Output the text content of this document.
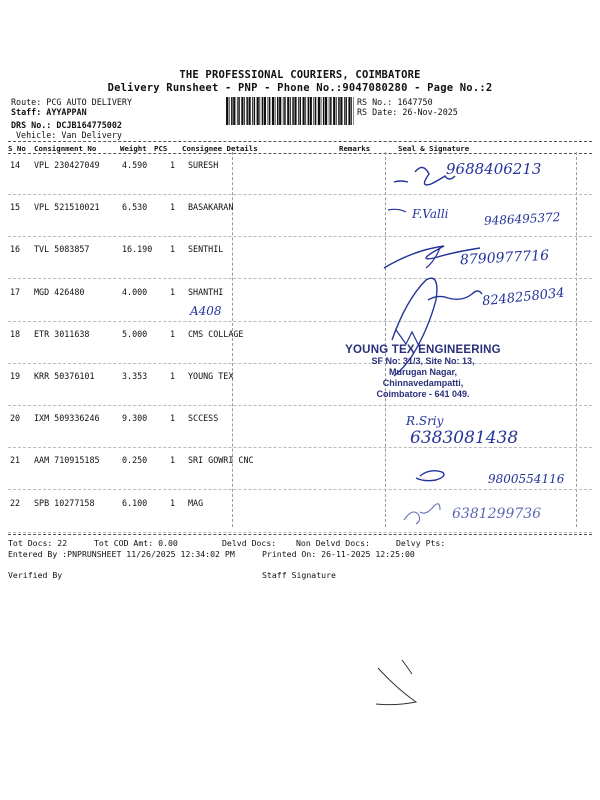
THE PROFESSIONAL COURIERS, COIMBATORE
Delivery Runsheet - PNP - Phone No.:9047080280 - Page No.:2
Route: PCG AUTO DELIVERY
Staff: AYYAPPAN
DRS No.: DCJB164775002
Vehicle: Van Delivery
RS No.: 1647750
RS Date: 26-Nov-2025
S No Consignment No	Weight PCS Consignee Details	Remarks	Seal & Signature
14 VPL 230427049	4.590	1 SURESH
15 VPL 521510021	6.530	1 BASAKARAN
16 TVL 5083857	16.190 1 SENTHIL
17 MGD 426480	4.000	1 SHANTHI
18 ETR 3011638	5.000	1 CMS COLLAGE
19 KRR 50376101	3.353	1 YOUNG TEX
20 IXM 509336246	9.300	1 SCCESS
21 AAM 710915185	0.250	1 SRI GOWRI CNC
22 SPB 10277158	6.100	1 MAG
9688406213
F.Valli	9486495372
8790977716
8248258034
A408
R.Sriy
6383081438
9800554116
6381299736
YOUNG TEX ENGINEERING
SF No: 31/3, Site No: 13,
Murugan Nagar,
Chinnavedampatti,
Coimbatore - 641 049.
Tot Docs: 22	Tot COD Amt: 0.00	Delvd Docs: Non Delvd Docs:	Delvy Pts:
Entered By :PNPRUNSHEET 11/26/2025 12:34:02 PM	Printed On: 26-11-2025 12:25:00
Verified By	Staff Signature
